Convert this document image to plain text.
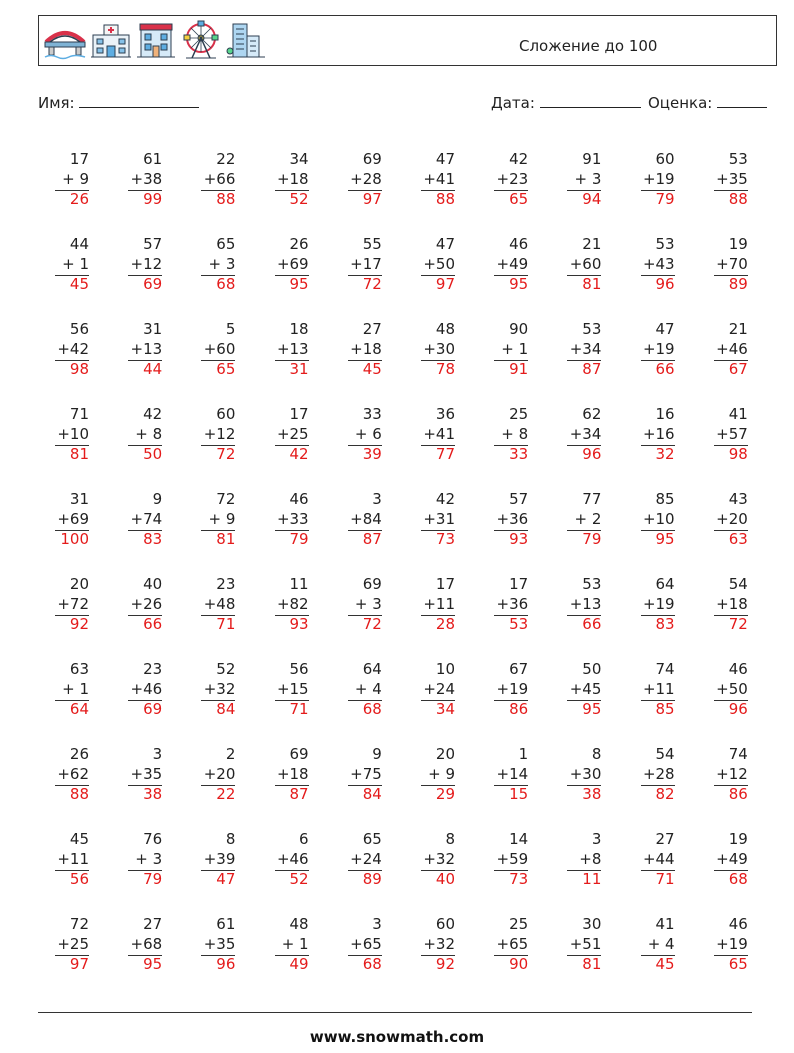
Сложение до 100
Имя:	Дата:	Оценка:
17
+ 9
26
61
+38
99
22
+66
88
34
+18
52
69
+28
97
47
+41
88
42
+23
65
91
+ 3
94
60
+19
79
53
+35
88
44
+ 1
45
57
+12
69
65
+ 3
68
26
+69
95
55
+17
72
47
+50
97
46
+49
95
21
+60
81
53
+43
96
19
+70
89
56
+42
98
31
+13
44
5
+60
65
18
+13
31
27
+18
45
48
+30
78
90
+ 1
91
53
+34
87
47
+19
66
21
+46
67
71
+10
81
42
+ 8
50
60
+12
72
17
+25
42
33
+ 6
39
36
+41
77
25
+ 8
33
62
+34
96
16
+16
32
41
+57
98
31
+69
100
9
+74
83
72
+ 9
81
46
+33
79
3
+84
87
42
+31
73
57
+36
93
77
+ 2
79
85
+10
95
43
+20
63
20
+72
92
40
+26
66
23
+48
71
11
+82
93
69
+ 3
72
17
+11
28
17
+36
53
53
+13
66
64
+19
83
54
+18
72
63
+ 1
64
23
+46
69
52
+32
84
56
+15
71
64
+ 4
68
10
+24
34
67
+19
86
50
+45
95
74
+11
85
46
+50
96
26
+62
88
3
+35
38
2
+20
22
69
+18
87
9
+75
84
20
+ 9
29
1
+14
15
8
+30
38
54
+28
82
74
+12
86
45
+11
56
76
+ 3
79
8
+39
47
6
+46
52
65
+24
89
8
+32
40
14
+59
73
3
+8
11
27
+44
71
19
+49
68
72
+25
97
27
+68
95
61
+35
96
48
+ 1
49
3
+65
68
60
+32
92
25
+65
90
30
+51
81
41
+ 4
45
46
+19
65
www.snowmath.com
